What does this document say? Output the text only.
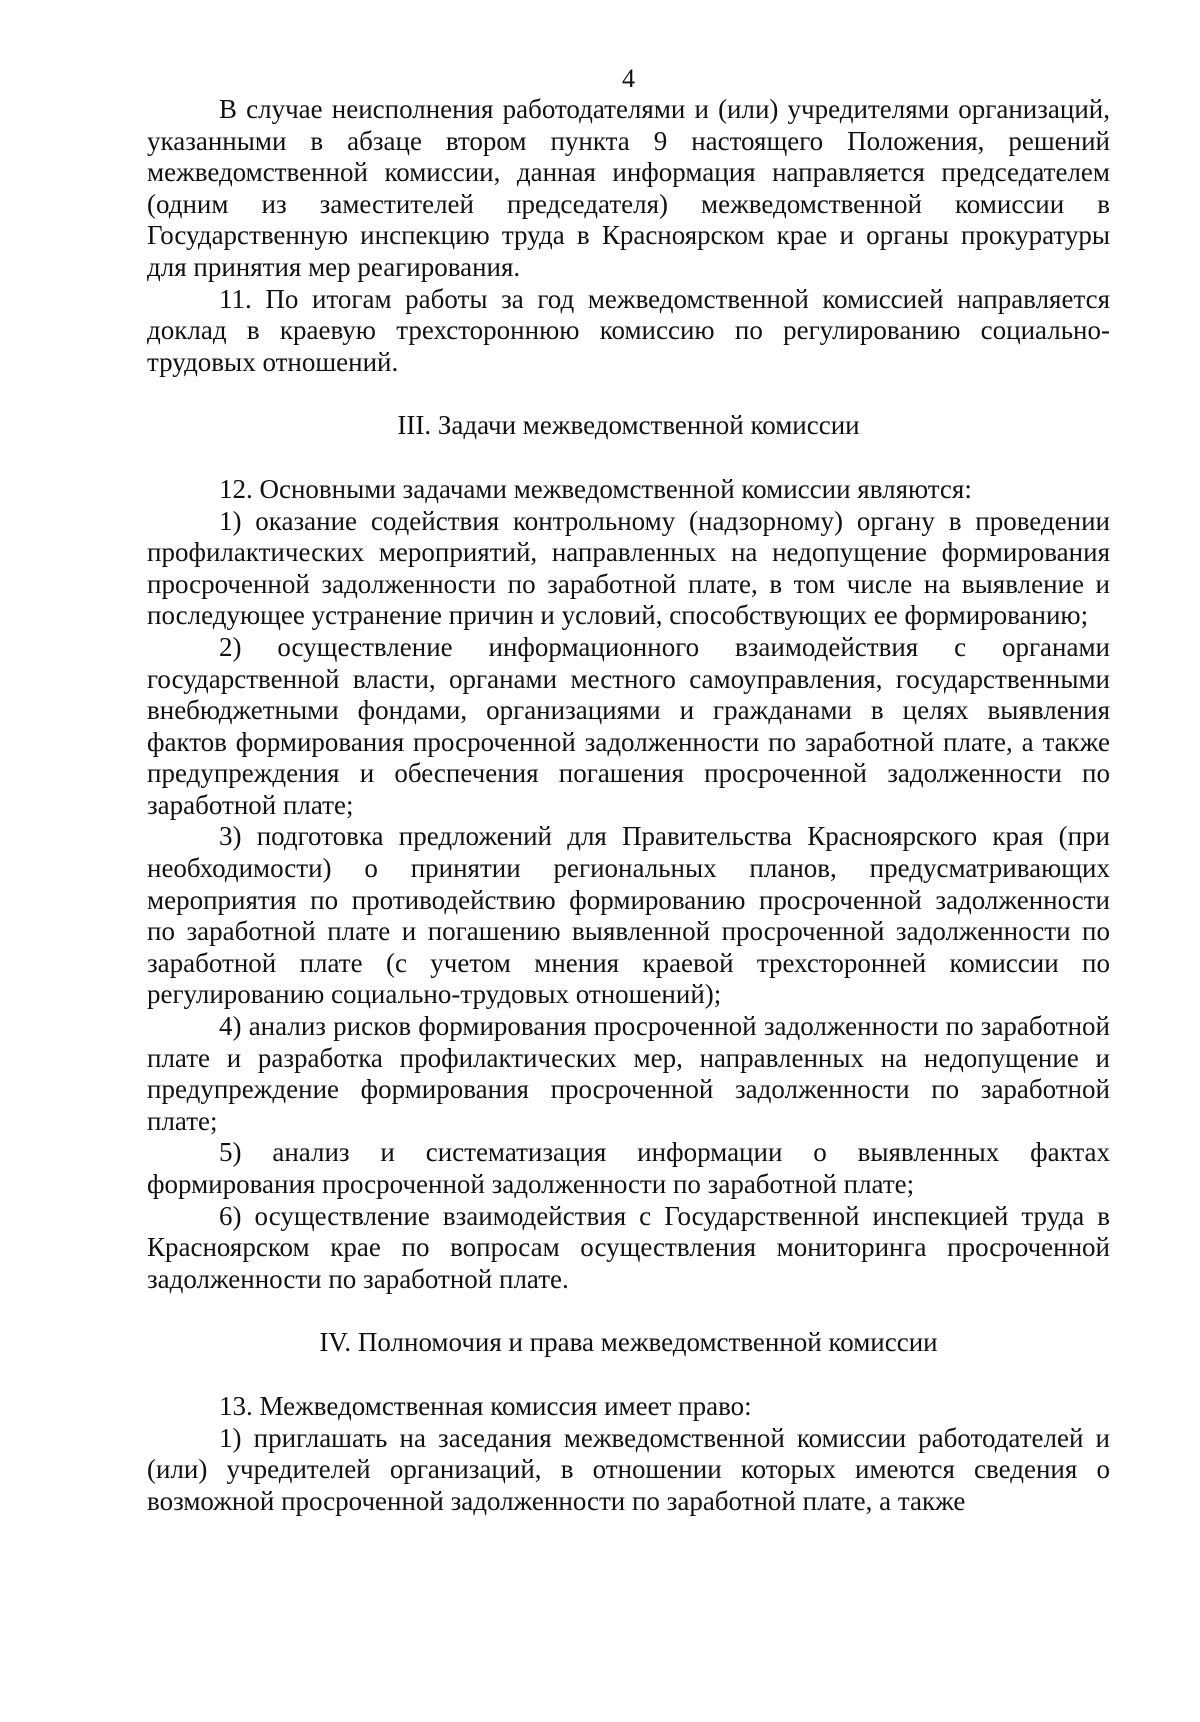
4

В случае неисполнения работодателями и (или) учредителями организаций, указанными в абзаце втором пункта 9 настоящего Положения, решений межведомственной комиссии, данная информация направляется председателем (одним из заместителей председателя) межведомственной комиссии в Государственную инспекцию труда в Красноярском крае и органы прокуратуры для принятия мер реагирования.

11. По итогам работы за год межведомственной комиссией направляется доклад в краевую трехстороннюю комиссию по регулированию социально-трудовых отношений.

III. Задачи межведомственной комиссии

12. Основными задачами межведомственной комиссии являются:

1) оказание содействия контрольному (надзорному) органу в проведении профилактических мероприятий, направленных на недопущение формирования просроченной задолженности по заработной плате, в том числе на выявление и последующее устранение причин и условий, способствующих ее формированию;

2) осуществление информационного взаимодействия с органами государственной власти, органами местного самоуправления, государственными внебюджетными фондами, организациями и гражданами в целях выявления фактов формирования просроченной задолженности по заработной плате, а также предупреждения и обеспечения погашения просроченной задолженности по заработной плате;

3) подготовка предложений для Правительства Красноярского края (при необходимости) о принятии региональных планов, предусматривающих мероприятия по противодействию формированию просроченной задолженности по заработной плате и погашению выявленной просроченной задолженности по заработной плате (с учетом мнения краевой трехсторонней комиссии по регулированию социально-трудовых отношений);

4) анализ рисков формирования просроченной задолженности по заработной плате и разработка профилактических мер, направленных на недопущение и предупреждение формирования просроченной задолженности по заработной плате;

5) анализ и систематизация информации о выявленных фактах формирования просроченной задолженности по заработной плате;

6) осуществление взаимодействия с Государственной инспекцией труда в Красноярском крае по вопросам осуществления мониторинга просроченной задолженности по заработной плате.

IV. Полномочия и права межведомственной комиссии

13. Межведомственная комиссия имеет право:

1) приглашать на заседания межведомственной комиссии работодателей и (или) учредителей организаций, в отношении которых имеются сведения о возможной просроченной задолженности по заработной плате, а также
